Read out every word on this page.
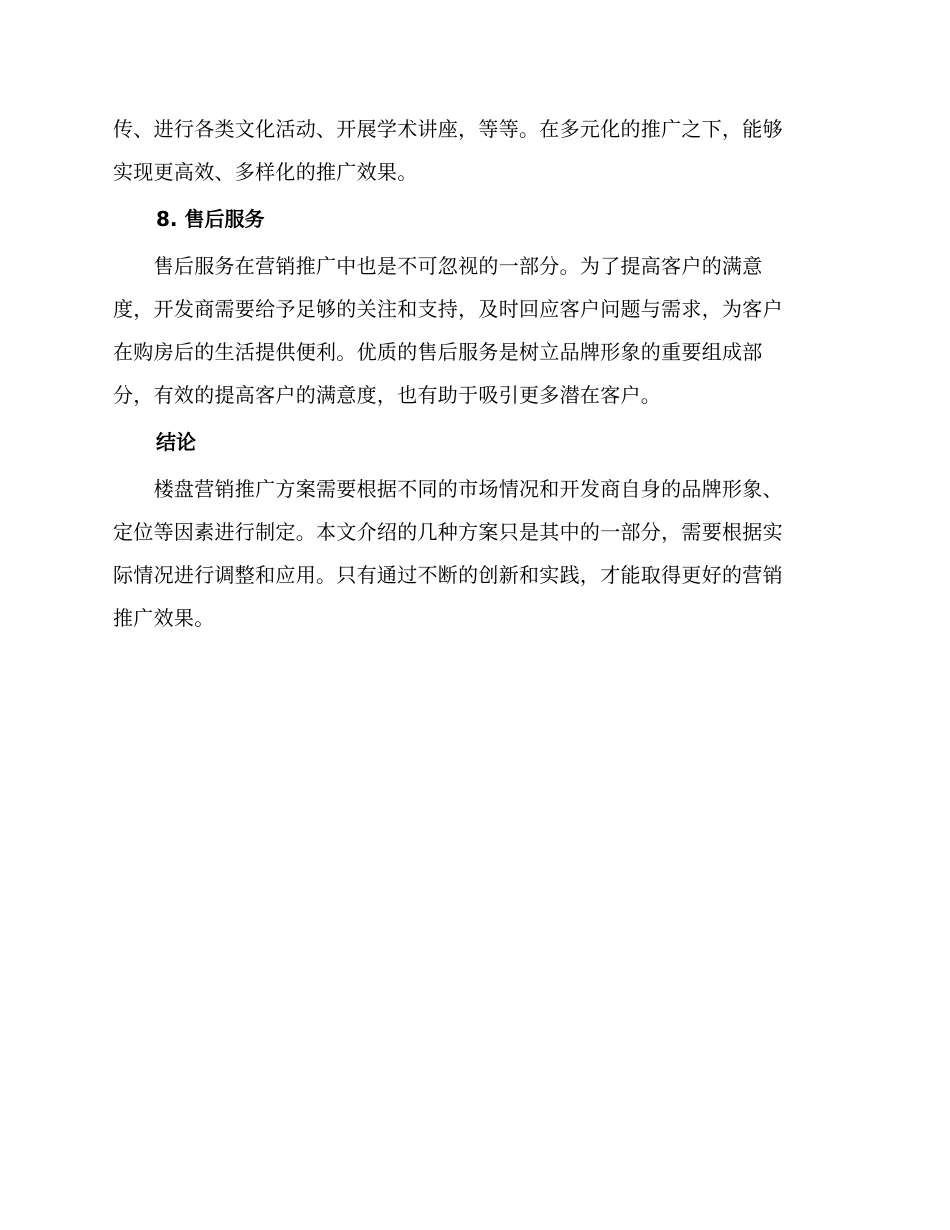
传、进行各类文化活动、开展学术讲座，等等。在多元化的推广之下，能够
实现更高效、多样化的推广效果。

8. 售后服务

　　售后服务在营销推广中也是不可忽视的一部分。为了提高客户的满意
度，开发商需要给予足够的关注和支持，及时回应客户问题与需求，为客户
在购房后的生活提供便利。优质的售后服务是树立品牌形象的重要组成部
分，有效的提高客户的满意度，也有助于吸引更多潜在客户。

结论

　　楼盘营销推广方案需要根据不同的市场情况和开发商自身的品牌形象、
定位等因素进行制定。本文介绍的几种方案只是其中的一部分，需要根据实
际情况进行调整和应用。只有通过不断的创新和实践，才能取得更好的营销
推广效果。
